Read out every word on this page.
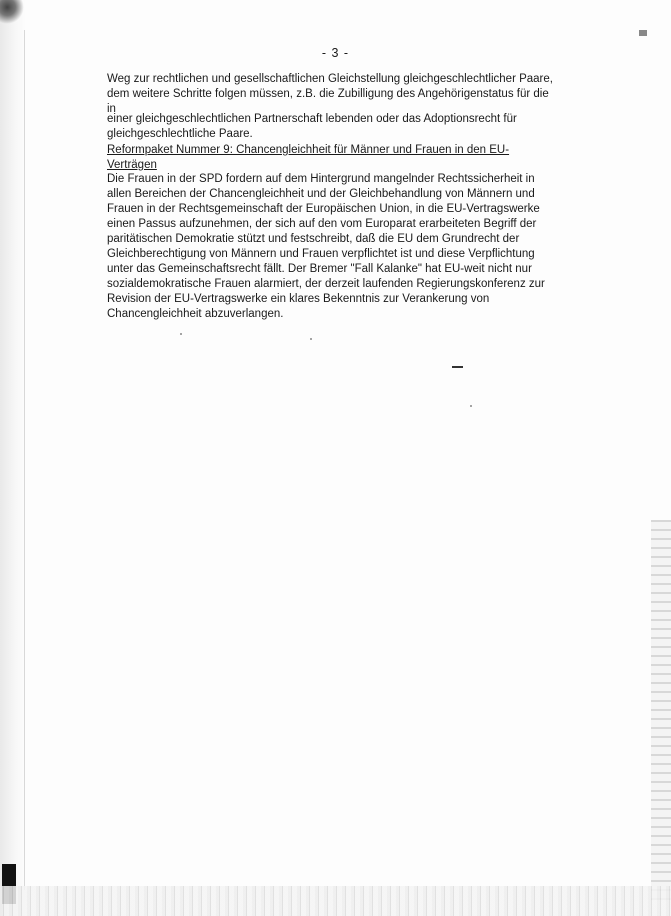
- 3 -

Weg zur rechtlichen und gesellschaftlichen Gleichstellung gleichgeschlechtlicher Paare, dem weitere Schritte folgen müssen, z.B. die Zubilligung des Angehörigenstatus für die in

einer gleichgeschlechtlichen Partnerschaft lebenden oder das Adoptionsrecht für gleichgeschlechtliche Paare.

Reformpaket Nummer 9: Chancengleichheit für Männer und Frauen in den EU-Verträgen

Die Frauen in der SPD fordern auf dem Hintergrund mangelnder Rechtssicherheit in allen Bereichen der Chancengleichheit und der Gleichbehandlung von Männern und Frauen in der Rechtsgemeinschaft der Europäischen Union, in die EU-Vertragswerke einen Passus aufzunehmen, der sich auf den vom Europarat erarbeiteten Begriff der paritätischen Demokratie stützt und festschreibt, daß die EU dem Grundrecht der Gleichberechtigung von Männern und Frauen verpflichtet ist und diese Verpflichtung unter das Gemeinschaftsrecht fällt. Der Bremer "Fall Kalanke" hat EU-weit nicht nur sozialdemokratische Frauen alarmiert, der derzeit laufenden Regierungskonferenz zur Revision der EU-Vertragswerke ein klares Bekenntnis zur Verankerung von Chancengleichheit abzuverlangen.
